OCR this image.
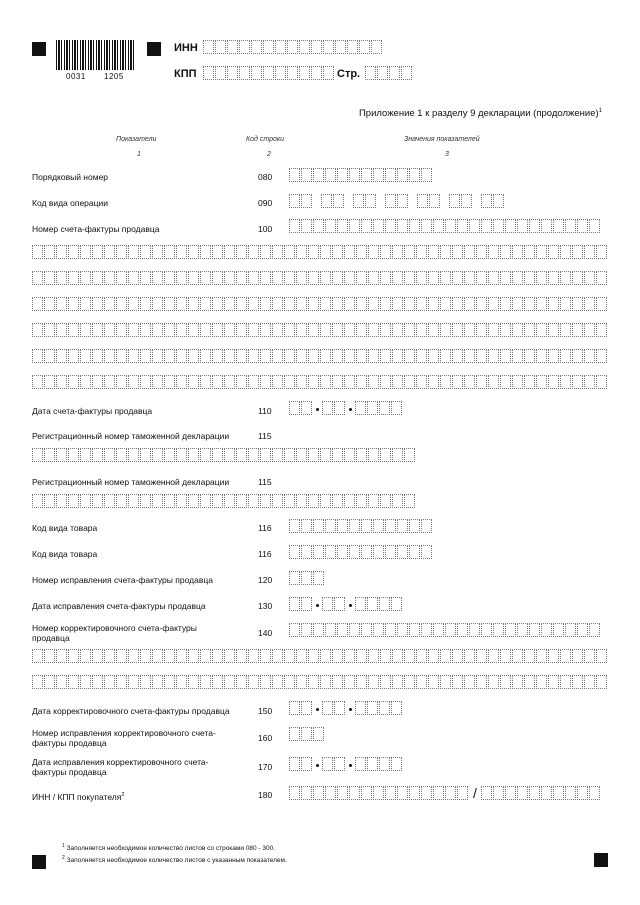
0031 1205
ИНН
КПП	Стр.
Приложение 1 к разделу 9 декларации (продолжение)$^1$
Показатели	Код строки	Значения показателей
1	2	3
Порядковый номер	080
Код вида операции	090
Номер счета-фактуры продавца	100
Дата счета-фактуры продавца	110
Регистрационный номер таможенной декларации	115
Регистрационный номер таможенной декларации	115
Код вида товара	116
Код вида товара	116
Номер исправления счета-фактуры продавца	120
Дата исправления счета-фактуры продавца	130
Номер корректировочного счета-фактуры продавца	140
Дата корректировочного счета-фактуры продавца	150
Номер исправления корректировочного счета-фактуры продавца	160
Дата исправления корректировочного счета-фактуры продавца	170
ИНН / КПП покупателя$^2$	180	/
$^1$ Заполняется необходимое количество листов со строками 080 - 300.
$^2$ Заполняется необходимое количество листов с указанным показателем.
